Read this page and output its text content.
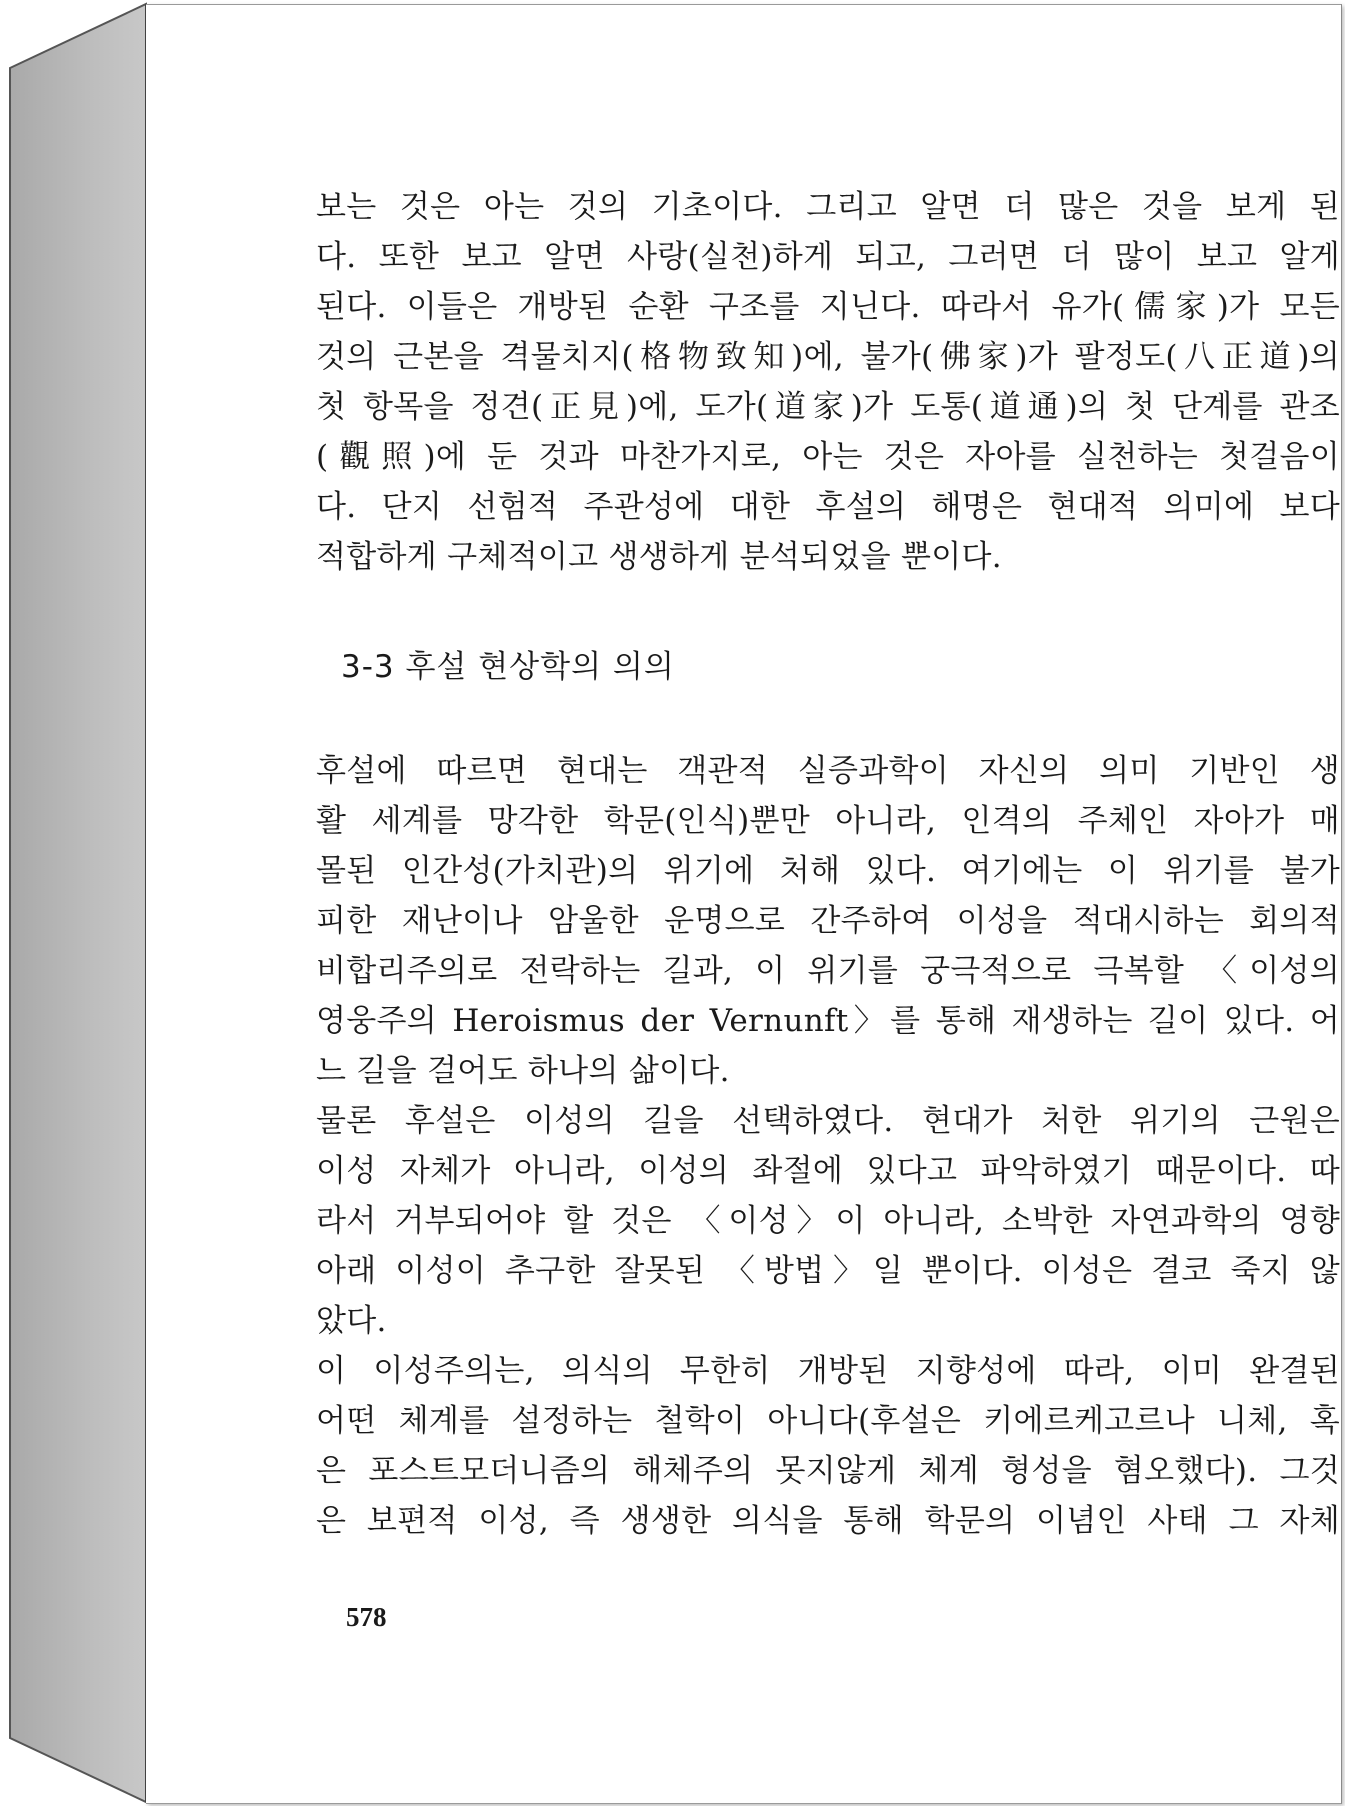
보는 것은 아는 것의 기초이다. 그리고 알면 더 많은 것을 보게 된
다. 또한 보고 알면 사랑(실천)하게 되고, 그러면 더 많이 보고 알게
된다. 이들은 개방된 순환 구조를 지닌다. 따라서 유가(儒家)가 모든
것의 근본을 격물치지(格物致知)에, 불가(佛家)가 팔정도(八正道)의
첫 항목을 정견(正見)에, 도가(道家)가 도통(道通)의 첫 단계를 관조
(觀照)에 둔 것과 마찬가지로, 아는 것은 자아를 실천하는 첫걸음이
다. 단지 선험적 주관성에 대한 후설의 해명은 현대적 의미에 보다
적합하게 구체적이고 생생하게 분석되었을 뿐이다.
3-3 후설 현상학의 의의
후설에 따르면 현대는 객관적 실증과학이 자신의 의미 기반인 생
활 세계를 망각한 학문(인식)뿐만 아니라, 인격의 주체인 자아가 매
몰된 인간성(가치관)의 위기에 처해 있다. 여기에는 이 위기를 불가
피한 재난이나 암울한 운명으로 간주하여 이성을 적대시하는 회의적
비합리주의로 전락하는 길과, 이 위기를 궁극적으로 극복할 〈이성의
영웅주의 Heroismus der Vernunft〉를 통해 재생하는 길이 있다. 어
느 길을 걸어도 하나의 삶이다.
물론 후설은 이성의 길을 선택하였다. 현대가 처한 위기의 근원은
이성 자체가 아니라, 이성의 좌절에 있다고 파악하였기 때문이다. 따
라서 거부되어야 할 것은 〈이성〉이 아니라, 소박한 자연과학의 영향
아래 이성이 추구한 잘못된 〈방법〉일 뿐이다. 이성은 결코 죽지 않
았다.
이 이성주의는, 의식의 무한히 개방된 지향성에 따라, 이미 완결된
어떤 체계를 설정하는 철학이 아니다(후설은 키에르케고르나 니체, 혹
은 포스트모더니즘의 해체주의 못지않게 체계 형성을 혐오했다). 그것
은 보편적 이성, 즉 생생한 의식을 통해 학문의 이념인 사태 그 자체
578
